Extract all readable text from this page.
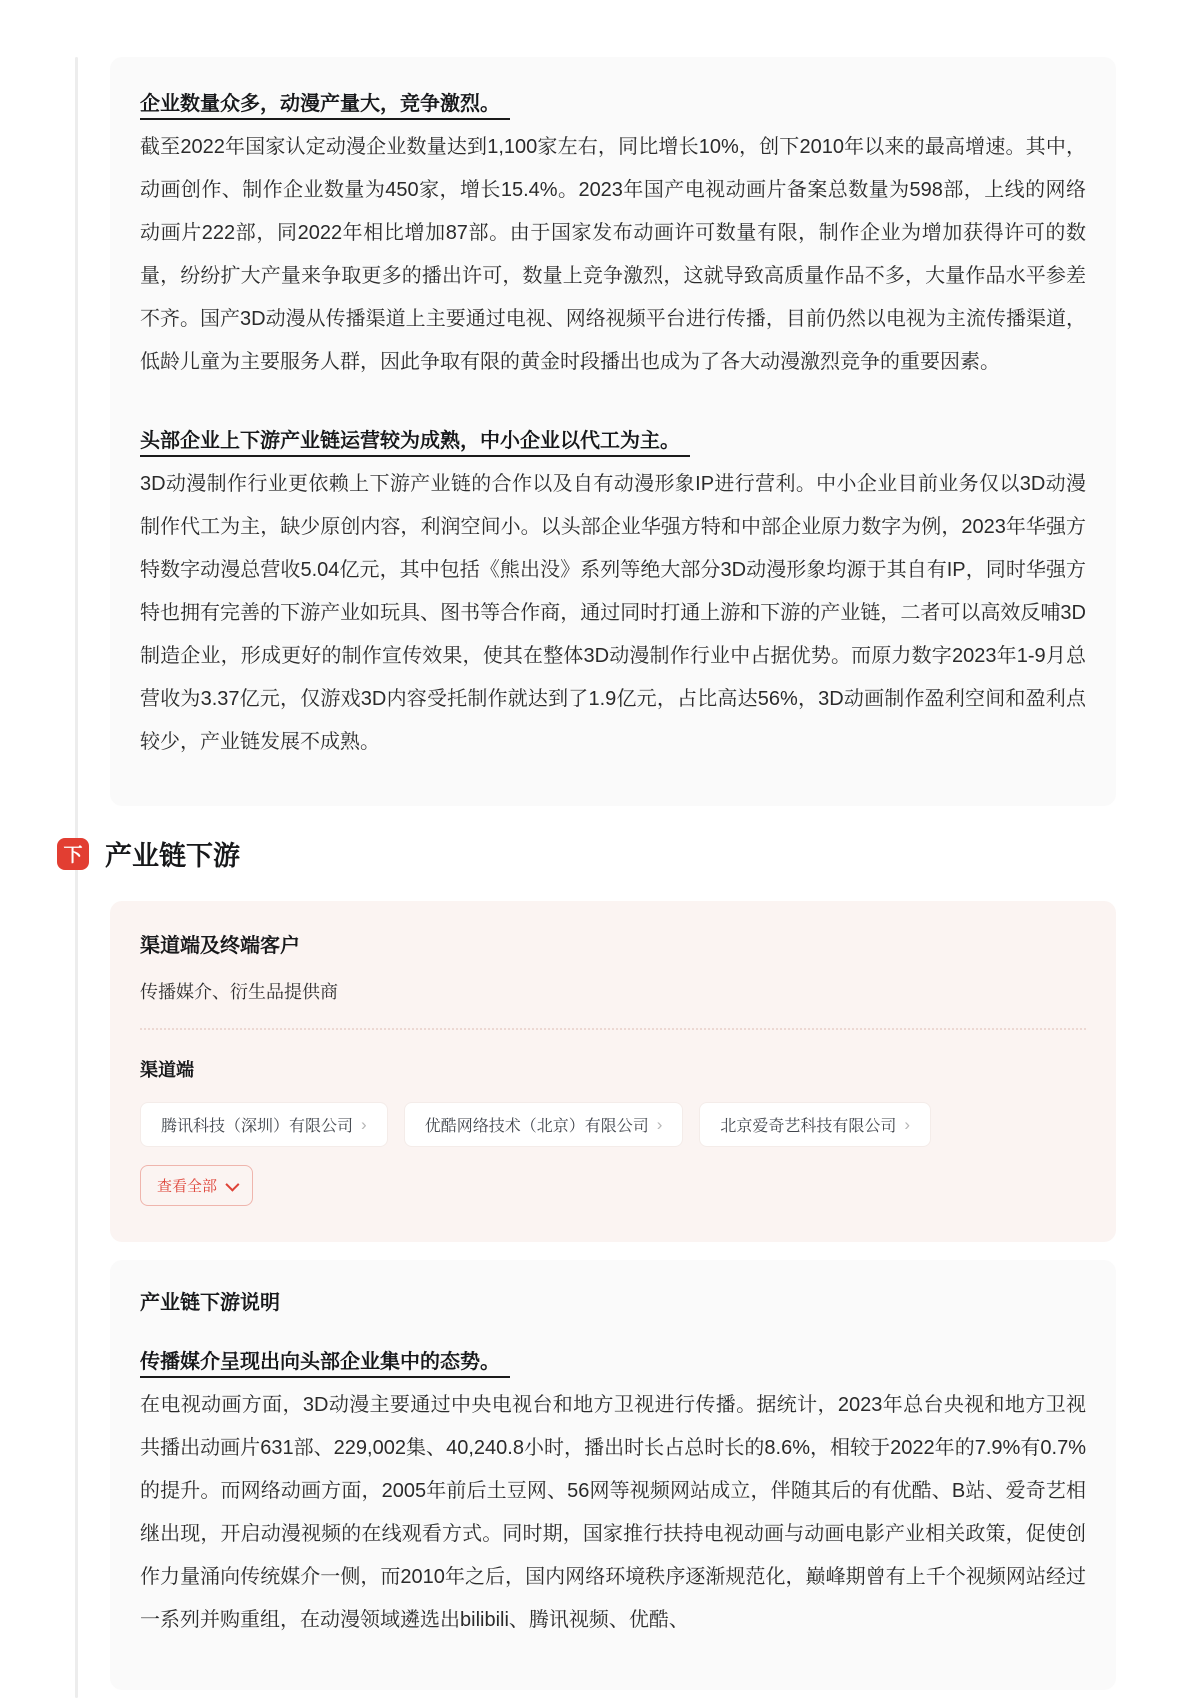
企业数量众多，动漫产量大，竞争激烈。

截至2022年国家认定动漫企业数量达到1,100家左右，同比增长10%，创下2010年以来的最高增速。其中，动画创作、制作企业数量为450家，增长15.4%。2023年国产电视动画片备案总数量为598部，上线的网络动画片222部，同2022年相比增加87部。由于国家发布动画许可数量有限，制作企业为增加获得许可的数量，纷纷扩大产量来争取更多的播出许可，数量上竞争激烈，这就导致高质量作品不多，大量作品水平参差不齐。国产3D动漫从传播渠道上主要通过电视、网络视频平台进行传播，目前仍然以电视为主流传播渠道，低龄儿童为主要服务人群，因此争取有限的黄金时段播出也成为了各大动漫激烈竞争的重要因素。

头部企业上下游产业链运营较为成熟，中小企业以代工为主。

3D动漫制作行业更依赖上下游产业链的合作以及自有动漫形象IP进行营利。中小企业目前业务仅以3D动漫制作代工为主，缺少原创内容，利润空间小。以头部企业华强方特和中部企业原力数字为例，2023年华强方特数字动漫总营收5.04亿元，其中包括《熊出没》系列等绝大部分3D动漫形象均源于其自有IP，同时华强方特也拥有完善的下游产业如玩具、图书等合作商，通过同时打通上游和下游的产业链，二者可以高效反哺3D制造企业，形成更好的制作宣传效果，使其在整体3D动漫制作行业中占据优势。而原力数字2023年1-9月总营收为3.37亿元，仅游戏3D内容受托制作就达到了1.9亿元，占比高达56%，3D动画制作盈利空间和盈利点较少，产业链发展不成熟。

下 产业链下游
渠道端及终端客户

传播媒介、衍生品提供商

渠道端
腾讯科技（深圳）有限公司 ›	优酷网络技术（北京）有限公司 ›	北京爱奇艺科技有限公司 ›
查看全部
产业链下游说明
传播媒介呈现出向头部企业集中的态势。

在电视动画方面，3D动漫主要通过中央电视台和地方卫视进行传播。据统计，2023年总台央视和地方卫视共播出动画片631部、229,002集、40,240.8小时，播出时长占总时长的8.6%，相较于2022年的7.9%有0.7%的提升。而网络动画方面，2005年前后土豆网、56网等视频网站成立，伴随其后的有优酷、B站、爱奇艺相继出现，开启动漫视频的在线观看方式。同时期，国家推行扶持电视动画与动画电影产业相关政策，促使创作力量涌向传统媒介一侧，而2010年之后，国内网络环境秩序逐渐规范化，巅峰期曾有上千个视频网站经过一系列并购重组，在动漫领域遴选出bilibili、腾讯视频、优酷、
